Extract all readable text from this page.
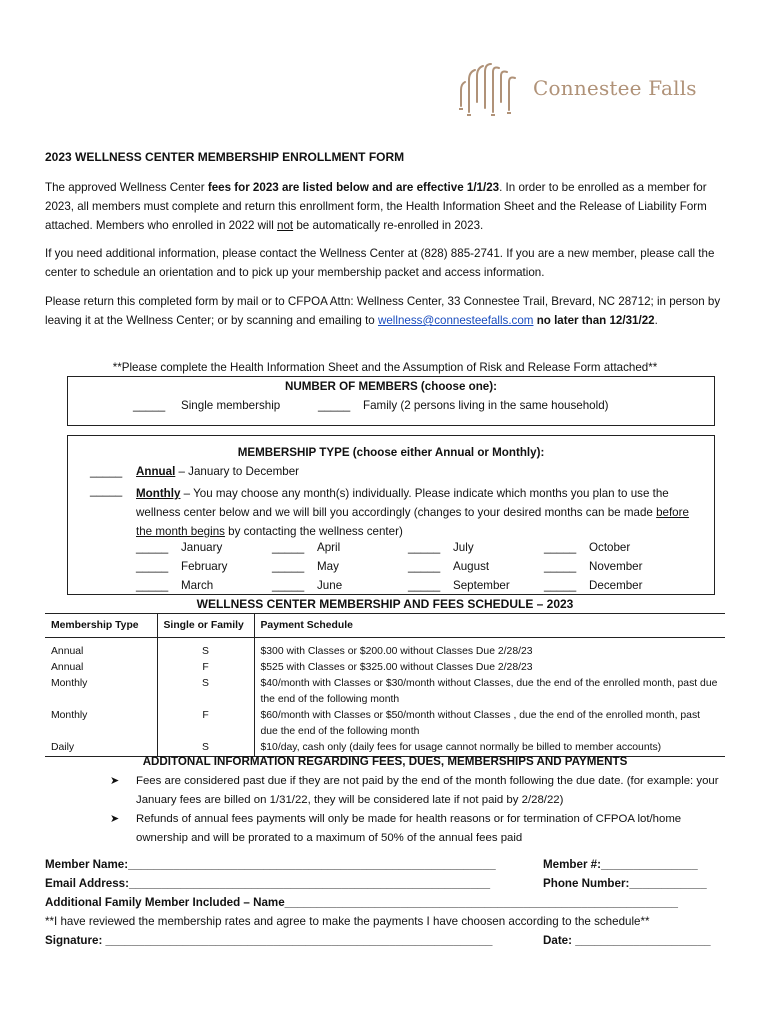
Connestee Falls
2023 WELLNESS CENTER MEMBERSHIP ENROLLMENT FORM
The approved Wellness Center fees for 2023 are listed below and are effective 1/1/23. In order to be enrolled as a member for 2023, all members must complete and return this enrollment form, the Health Information Sheet and the Release of Liability Form attached. Members who enrolled in 2022 will not be automatically re-enrolled in 2023.
If you need additional information, please contact the Wellness Center at (828) 885-2741. If you are a new member, please call the center to schedule an orientation and to pick up your membership packet and access information.
Please return this completed form by mail or to CFPOA Attn: Wellness Center, 33 Connestee Trail, Brevard, NC 28712; in person by leaving it at the Wellness Center; or by scanning and emailing to wellness@connesteefalls.com no later than 12/31/22.
**Please complete the Health Information Sheet and the Assumption of Risk and Release Form attached**
NUMBER OF MEMBERS (choose one):
_____ Single membership	_____ Family (2 persons living in the same household)
MEMBERSHIP TYPE (choose either Annual or Monthly):
_____ Annual – January to December
_____ Monthly – You may choose any month(s) individually. Please indicate which months you plan to use the wellness center below and we will bill you accordingly (changes to your desired months can be made before the month begins by contacting the wellness center)
_____ January	_____ April	_____ July	_____ October
_____ February	_____ May	_____ August	_____ November
_____ March	_____ June	_____ September	_____ December
WELLNESS CENTER MEMBERSHIP AND FEES SCHEDULE – 2023
Membership Type	Single or Family	Payment Schedule
Annual	S	$300 with Classes or $200.00 without Classes Due 2/28/23
Annual	F	$525 with Classes or $325.00 without Classes Due 2/28/23
Monthly	S	$40/month with Classes or $30/month without Classes, due the end of the enrolled month, past due the end of the following month
Monthly	F	$60/month with Classes or $50/month without Classes , due the end of the enrolled month, past due the end of the following month
Daily	S	$10/day, cash only (daily fees for usage cannot normally be billed to member accounts)
ADDITONAL INFORMATION REGARDING FEES, DUES, MEMBERSHIPS AND PAYMENTS
➤ Fees are considered past due if they are not paid by the end of the month following the due date. (for example: your January fees are billed on 1/31/22, they will be considered late if not paid by 2/28/22)
➤ Refunds of annual fees payments will only be made for health reasons or for termination of CFPOA lot/home ownership and will be prorated to a maximum of 50% of the annual fees paid
Member Name:_________________________________________________________	Member #:_______________
Email Address:________________________________________________________	Phone Number:____________
Additional Family Member Included – Name_____________________________________________________________
**I have reviewed the membership rates and agree to make the payments I have choosen according to the schedule**
Signature: ____________________________________________________________	Date: _____________________
